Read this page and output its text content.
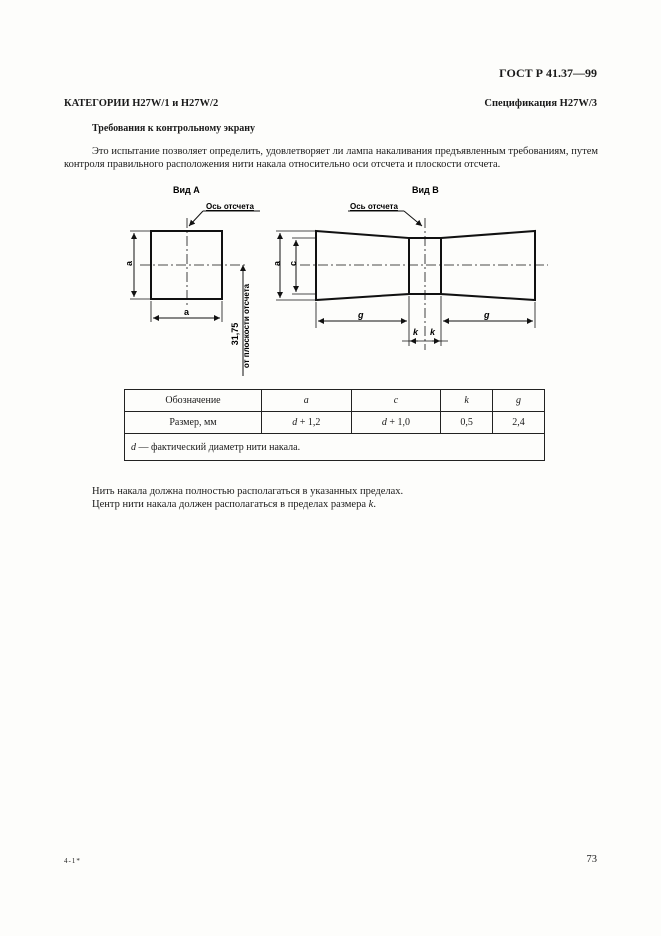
ГОСТ Р 41.37—99
КАТЕГОРИИ H27W/1 и H27W/2	Спецификация H27W/3
Требования к контрольному экрану
Это испытание позволяет определить, удовлетворяет ли лампа накаливания предъявленным требованиям, путем контроля правильного расположения нити накала относительно оси отсчета и плоскости отсчета.
Вид А
Ось отсчета
a
a
31,75 от плоскости отсчета
Вид В
Ось отсчета
a c
g	g
k k
Обозначение	a	c	k	g
Размер, мм	d + 1,2	d + 1,0	0,5	2,4
d — фактический диаметр нити накала.				
Нить накала должна полностью располагаться в указанных пределах.
Центр нити накала должен располагаться в пределах размера k.
4-1*	73
